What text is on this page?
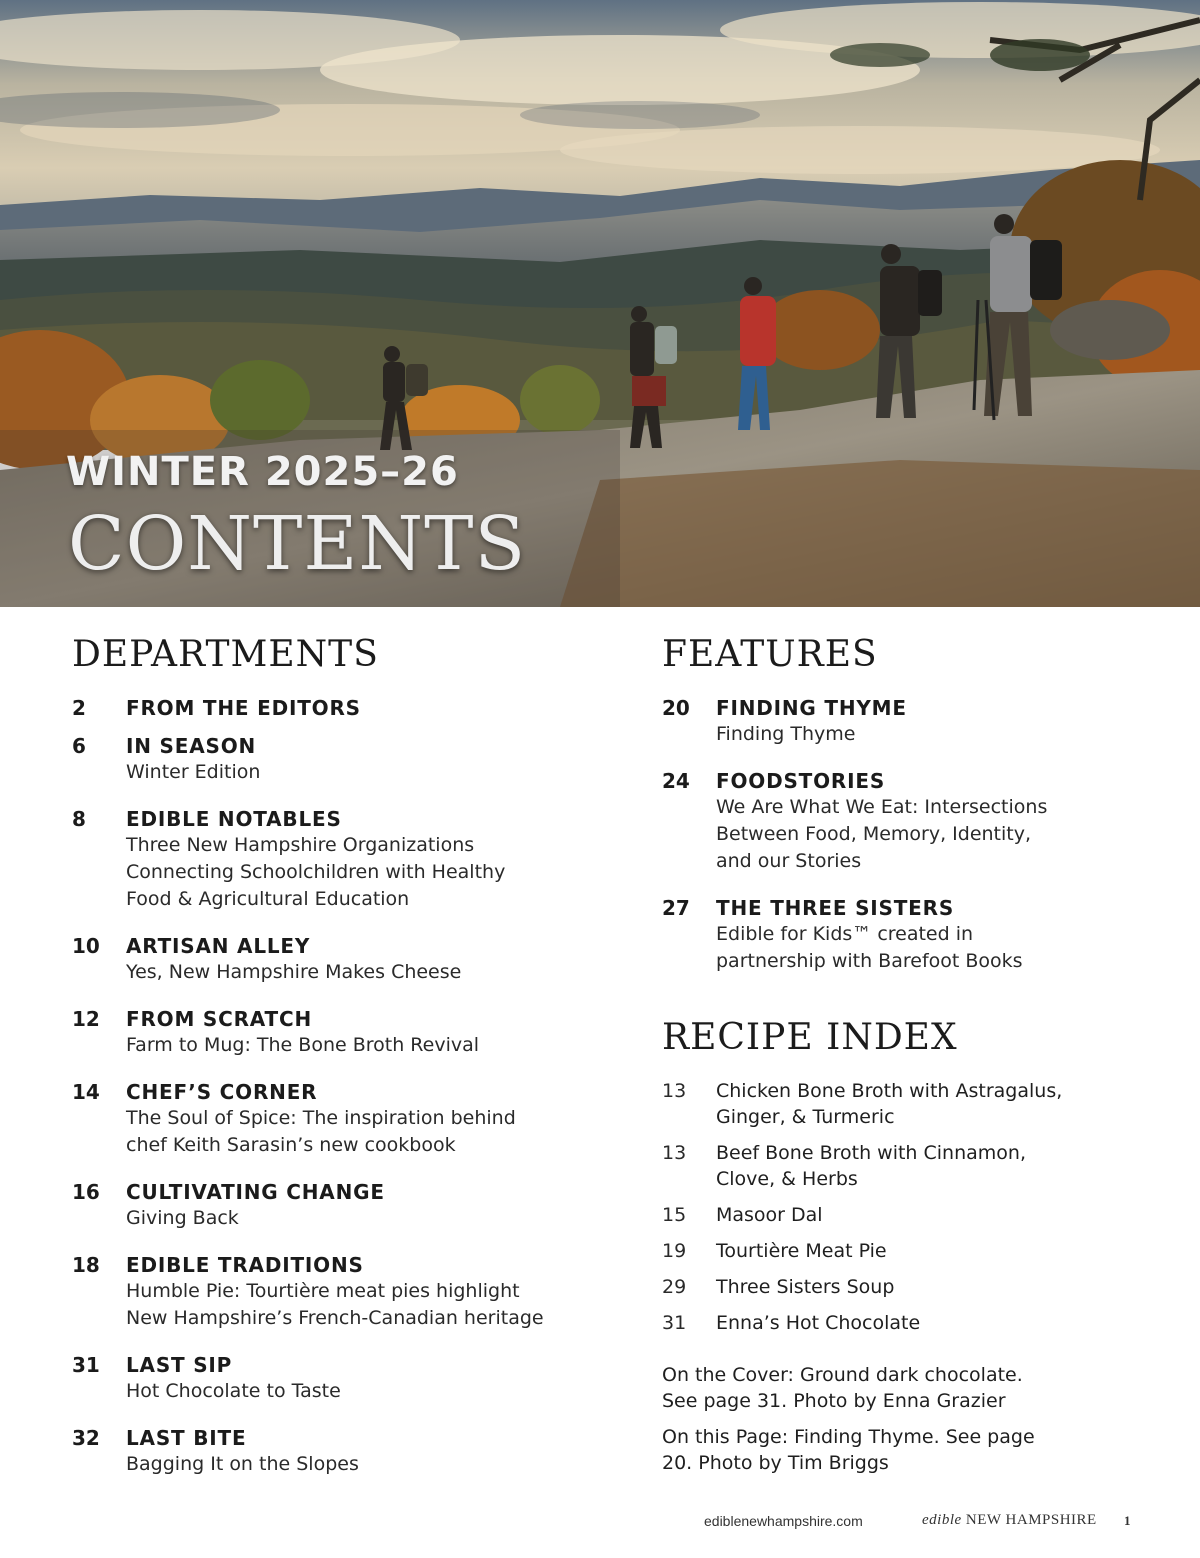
WINTER 2025–26
CONTENTS
DEPARTMENTS
2	FROM THE EDITORS
6	IN SEASON
Winter Edition
8	EDIBLE NOTABLES
Three New Hampshire Organizations Connecting Schoolchildren with Healthy Food & Agricultural Education
10	ARTISAN ALLEY
Yes, New Hampshire Makes Cheese
12	FROM SCRATCH
Farm to Mug: The Bone Broth Revival
14	CHEF’S CORNER
The Soul of Spice: The inspiration behind chef Keith Sarasin’s new cookbook
16	CULTIVATING CHANGE
Giving Back
18	EDIBLE TRADITIONS
Humble Pie: Tourtière meat pies highlight New Hampshire’s French-Canadian heritage
31	LAST SIP
Hot Chocolate to Taste
32	LAST BITE
Bagging It on the Slopes
FEATURES
20	FINDING THYME
Finding Thyme
24	FOODSTORIES
We Are What We Eat: Intersections Between Food, Memory, Identity, and our Stories
27	THE THREE SISTERS
Edible for Kids™ created in partnership with Barefoot Books
RECIPE INDEX
13	Chicken Bone Broth with Astragalus, Ginger, & Turmeric
13	Beef Bone Broth with Cinnamon, Clove, & Herbs
15	Masoor Dal
19	Tourtière Meat Pie
29	Three Sisters Soup
31	Enna’s Hot Chocolate
On the Cover: Ground dark chocolate. See page 31. Photo by Enna Grazier
On this Page: Finding Thyme. See page 20. Photo by Tim Briggs
ediblenewhampshire.com	edible NEW HAMPSHIRE 1
